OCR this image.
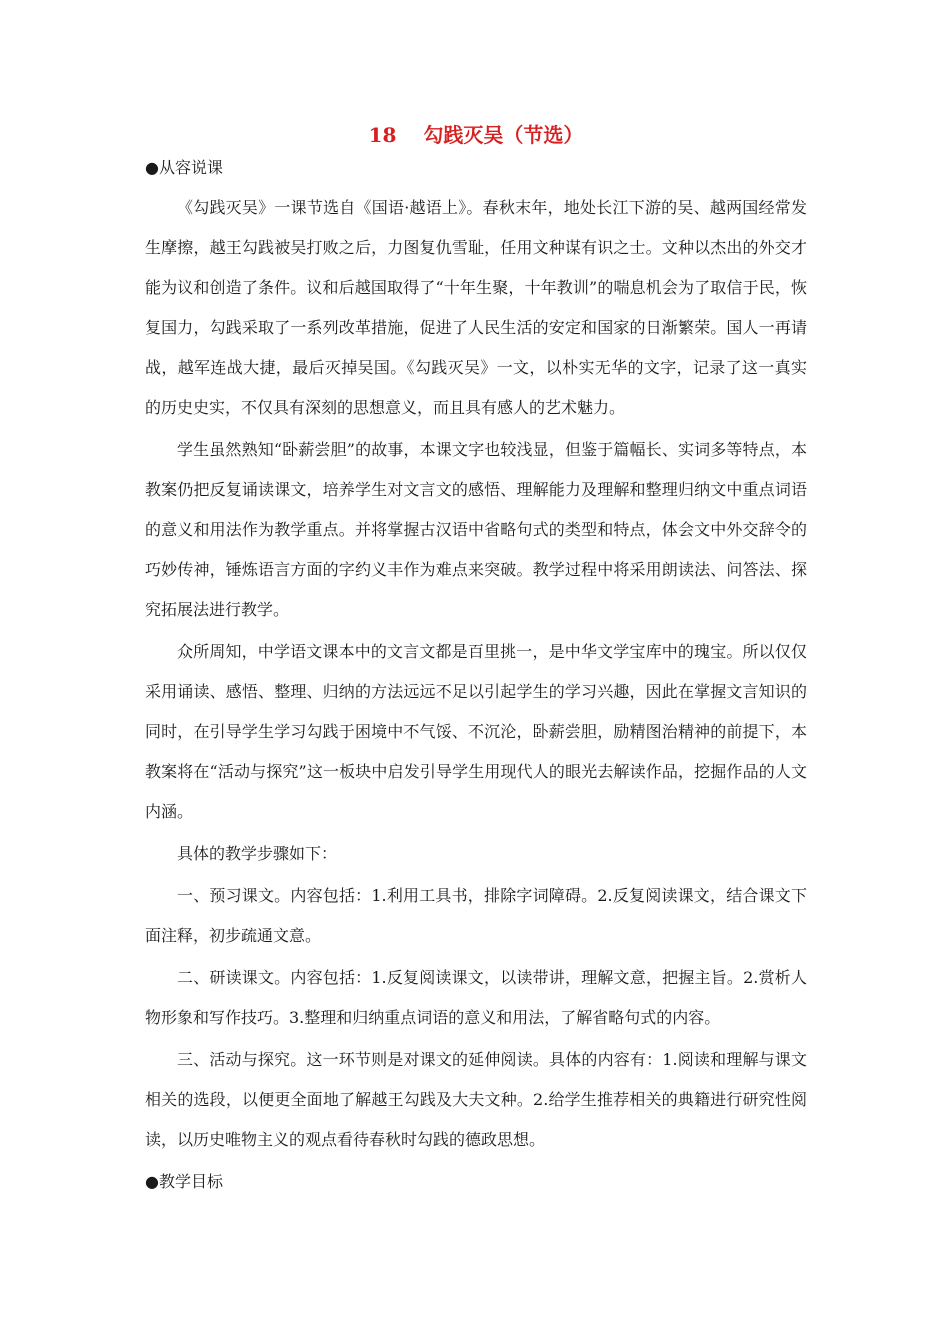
18　 勾践灭吴（节选）
●从容说课

《勾践灭吴》一课节选自《国语·越语上》。春秋末年，地处长江下游的吴、越两国经常发生摩擦，越王勾践被吴打败之后，力图复仇雪耻，任用文种谋有识之士。文种以杰出的外交才能为议和创造了条件。议和后越国取得了“十年生聚，十年教训”的喘息机会为了取信于民，恢复国力，勾践采取了一系列改革措施，促进了人民生活的安定和国家的日渐繁荣。国人一再请战，越军连战大捷，最后灭掉吴国。《勾践灭吴》一文，以朴实无华的文字，记录了这一真实的历史史实，不仅具有深刻的思想意义，而且具有感人的艺术魅力。

学生虽然熟知“卧薪尝胆”的故事，本课文字也较浅显，但鉴于篇幅长、实词多等特点，本教案仍把反复诵读课文，培养学生对文言文的感悟、理解能力及理解和整理归纳文中重点词语的意义和用法作为教学重点。并将掌握古汉语中省略句式的类型和特点，体会文中外交辞令的巧妙传神，锤炼语言方面的字约义丰作为难点来突破。教学过程中将采用朗读法、问答法、探究拓展法进行教学。

众所周知，中学语文课本中的文言文都是百里挑一，是中华文学宝库中的瑰宝。所以仅仅采用诵读、感悟、整理、归纳的方法远远不足以引起学生的学习兴趣，因此在掌握文言知识的同时，在引导学生学习勾践于困境中不气馁、不沉沦，卧薪尝胆，励精图治精神的前提下，本教案将在“活动与探究”这一板块中启发引导学生用现代人的眼光去解读作品，挖掘作品的人文内涵。

具体的教学步骤如下：

一、预习课文。内容包括：1.利用工具书，排除字词障碍。2.反复阅读课文，结合课文下面注释，初步疏通文意。

二、研读课文。内容包括：1.反复阅读课文，以读带讲，理解文意，把握主旨。2.赏析人物形象和写作技巧。3.整理和归纳重点词语的意义和用法，了解省略句式的内容。

三、活动与探究。这一环节则是对课文的延伸阅读。具体的内容有：1.阅读和理解与课文相关的选段，以便更全面地了解越王勾践及大夫文种。2.给学生推荐相关的典籍进行研究性阅读，以历史唯物主义的观点看待春秋时勾践的德政思想。

●教学目标
